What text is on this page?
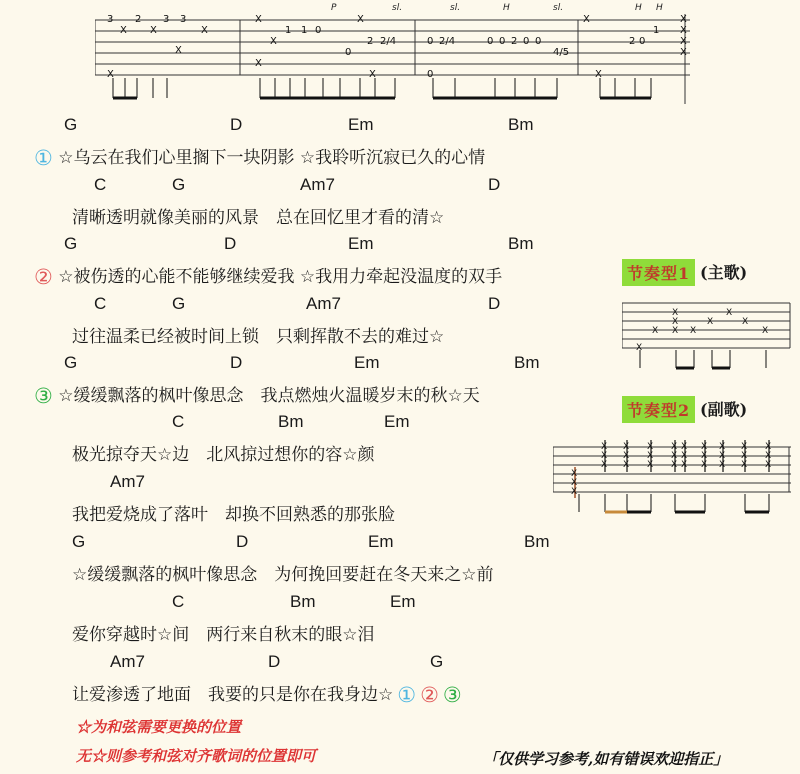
3 2 3 3
1 1 0
0
2 2/4	0 2/4	0 0 2 0 0
4/5
0
2 0
1
P	sl.	sl.	H	sl.	H H
X X
X
X
X
X
X
X
X
X
X
X
X
X
X
X
G	D	Em	Bm
① ☆乌云在我们心里搁下一块阴影 ☆我聆听沉寂已久的心情
C	G	Am7	D
清晰透明就像美丽的风景　总在回忆里才看的清☆
G	D	Em	Bm
② ☆被伤透的心能不能够继续爱我 ☆我用力牵起没温度的双手
C	G	Am7	D
过往温柔已经被时间上锁　只剩挥散不去的难过☆
G	D	Em	Bm
③ ☆缓缓飘落的枫叶像思念　我点燃烛火温暖岁末的秋☆天
C	Bm	Em
极光掠夺天☆边　北风掠过想你的容☆颜
Am7
我把爱烧成了落叶　却换不回熟悉的那张脸
G	D	Em	Bm
☆缓缓飘落的枫叶像思念　为何挽回要赶在冬天来之☆前
C	Bm	Em
爱你穿越时☆间　两行来自秋末的眼☆泪
Am7	D	G
让爱渗透了地面　我要的只是你在我身边☆ ① ② ③
节奏型1 (主歌)
X
X
X
X
X X
X
X
X
X
节奏型2 (副歌)
X
X
X
X
X
X
X
X
X
X
X
X
X
X
X
X
X
X
X
X
X
X
X
X
X
X
X
X
X
X
☆为和弦需要更换的位置
无☆则参考和弦对齐歌词的位置即可	「仅供学习参考,如有错误欢迎指正」
